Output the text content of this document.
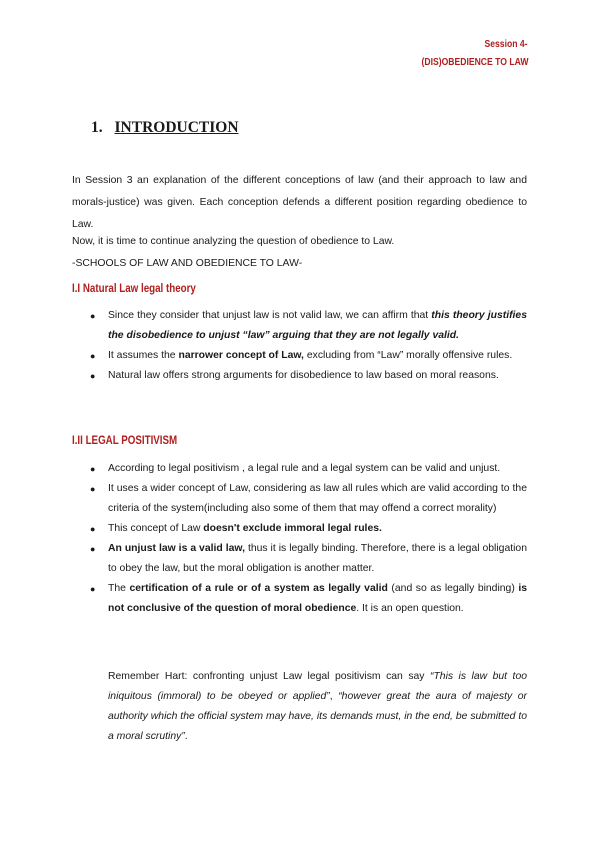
Session 4-
(DIS)OBEDIENCE TO LAW
1. INTRODUCTION
In Session 3 an explanation of the different conceptions of law (and their approach to law and morals-justice) was given. Each conception defends a different position regarding obedience to Law.
Now, it is time to continue analyzing the question of obedience to Law.
-SCHOOLS OF LAW AND OBEDIENCE TO LAW-
I.I Natural Law legal theory
● Since they consider that unjust law is not valid law, we can affirm that this theory justifies the disobedience to unjust “law” arguing that they are not legally valid.
● It assumes the narrower concept of Law, excluding from “Law” morally offensive rules.
● Natural law offers strong arguments for disobedience to law based on moral reasons.
I.II LEGAL POSITIVISM
● According to legal positivism , a legal rule and a legal system can be valid and unjust.
● It uses a wider concept of Law, considering as law all rules which are valid according to the criteria of the system(including also some of them that may offend a correct morality)
● This concept of Law doesn't exclude immoral legal rules.
● An unjust law is a valid law, thus it is legally binding. Therefore, there is a legal obligation to obey the law, but the moral obligation is another matter.
● The certification of a rule or of a system as legally valid (and so as legally binding) is not conclusive of the question of moral obedience. It is an open question.
Remember Hart: confronting unjust Law legal positivism can say “This is law but too iniquitous (immoral) to be obeyed or applied”, “however great the aura of majesty or authority which the official system may have, its demands must, in the end, be submitted to a moral scrutiny”.
